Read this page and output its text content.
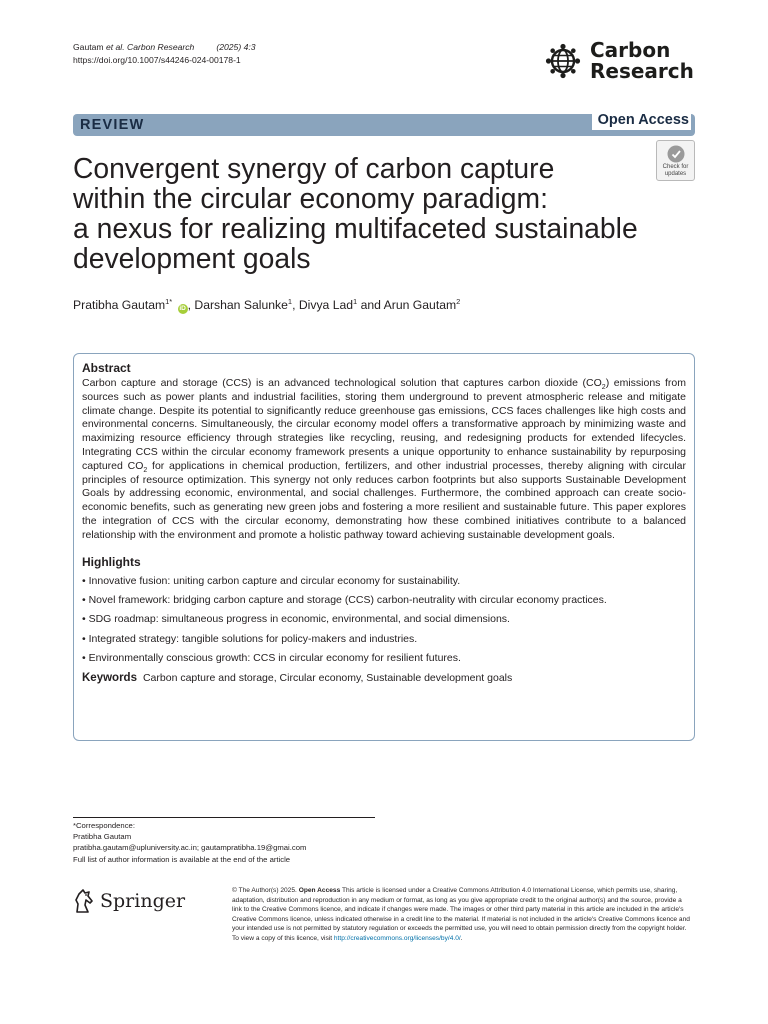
Gautam et al. Carbon Research	(2025) 4:3
https://doi.org/10.1007/s44246-024-00178-1	Carbon
Research
REVIEW	Open Access
Convergent synergy of carbon capture
within the circular economy paradigm:
a nexus for realizing multifaceted sustainable
development goals
Check for
updates
Pratibha Gautam$^{1*}$ iD , Darshan Salunke$^1$, Divya Lad$^1$ and Arun Gautam$^2$
Abstract

Carbon capture and storage (CCS) is an advanced technological solution that captures carbon dioxide $(CO_2)$ emissions from sources such as power plants and industrial facilities, storing them underground to prevent atmospheric release and mitigate climate change. Despite its potential to significantly reduce greenhouse gas emissions, CCS faces challenges like high costs and environmental concerns. Simultaneously, the circular economy model offers a transformative approach by minimizing waste and maximizing resource efficiency through strategies like recycling, reusing, and redesigning products for extended lifecycles. Integrating CCS within the circular economy framework presents a unique opportunity to enhance sustainability by repurposing captured $CO_2$ for applications in chemical production, fertilizers, and other industrial processes, thereby aligning with circular principles of resource optimization. This synergy not only reduces carbon footprints but also supports Sustainable Development Goals by addressing economic, environmental, and social challenges. Furthermore, the combined approach can create socio-economic benefits, such as generating new green jobs and fostering a more resilient and sustainable future. This paper explores the integration of CCS with the circular economy, demonstrating how these combined initiatives contribute to a balanced relationship with the environment and promote a holistic pathway toward achieving sustainable development goals.

Highlights
• Innovative fusion: uniting carbon capture and circular economy for sustainability.
• Novel framework: bridging carbon capture and storage (CCS) carbon-neutrality with circular economy practices.
• SDG roadmap: simultaneous progress in economic, environmental, and social dimensions.
• Integrated strategy: tangible solutions for policy-makers and industries.
• Environmentally conscious growth: CCS in circular economy for resilient futures.
Keywords Carbon capture and storage, Circular economy, Sustainable development goals
*Correspondence:
Pratibha Gautam
pratibha.gautam@upluniversity.ac.in; gautampratibha.19@gmai.com
Full list of author information is available at the end of the article
Springer	© The Author(s) 2025. Open Access This article is licensed under a Creative Commons Attribution 4.0 International License, which permits use, sharing, adaptation, distribution and reproduction in any medium or format, as long as you give appropriate credit to the original author(s) and the source, provide a link to the Creative Commons licence, and indicate if changes were made. The images or other third party material in this article are included in the article's Creative Commons licence, unless indicated otherwise in a credit line to the material. If material is not included in the article's Creative Commons licence and your intended use is not permitted by statutory regulation or exceeds the permitted use, you will need to obtain permission directly from the copyright holder. To view a copy of this licence, visit http://creativecommons.org/licenses/by/4.0/.
